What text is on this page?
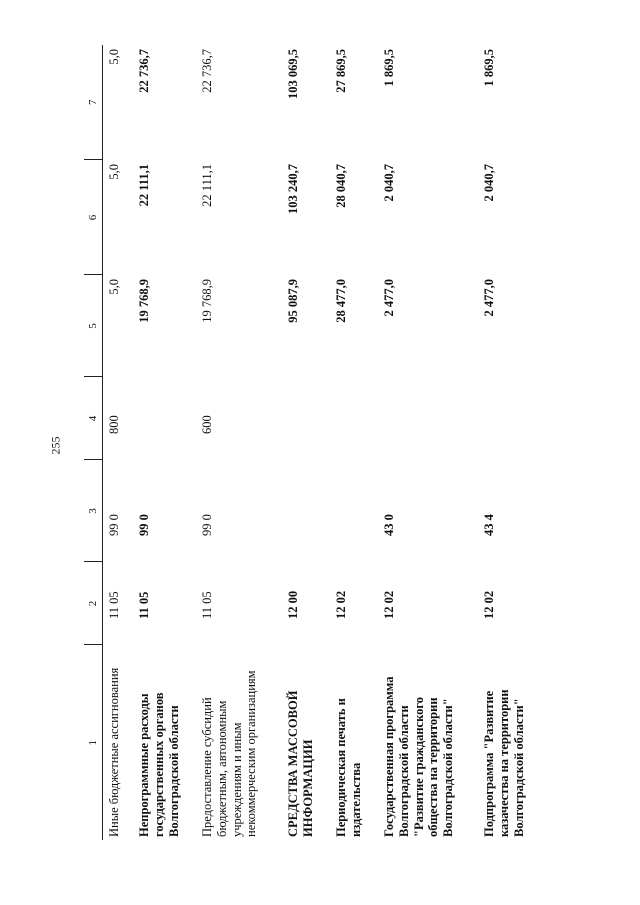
255
1	2	3	4	5	6	7
Иные бюджетные ассигнования	11 05	99 0	800	5,0	5,0	5,0
Непрограммные расходы государственных органов Волгоградской области	11 05	99 0		19 768,9	22 111,1	22 736,7
Предоставление субсидий бюджетным, автономным учреждениям и иным некоммерческим организациям	11 05	99 0	600	19 768,9	22 111,1	22 736,7
СРЕДСТВА МАССОВОЙ ИНФОРМАЦИИ	12 00			95 087,9	103 240,7	103 069,5
Периодическая печать и издательства	12 02			28 477,0	28 040,7	27 869,5
Государственная программа Волгоградской области "Развитие гражданского общества на территории Волгоградской области"	12 02	43 0		2 477,0	2 040,7	1 869,5
Подпрограмма "Развитие казачества на территории Волгоградской области"	12 02	43 4		2 477,0	2 040,7	1 869,5
